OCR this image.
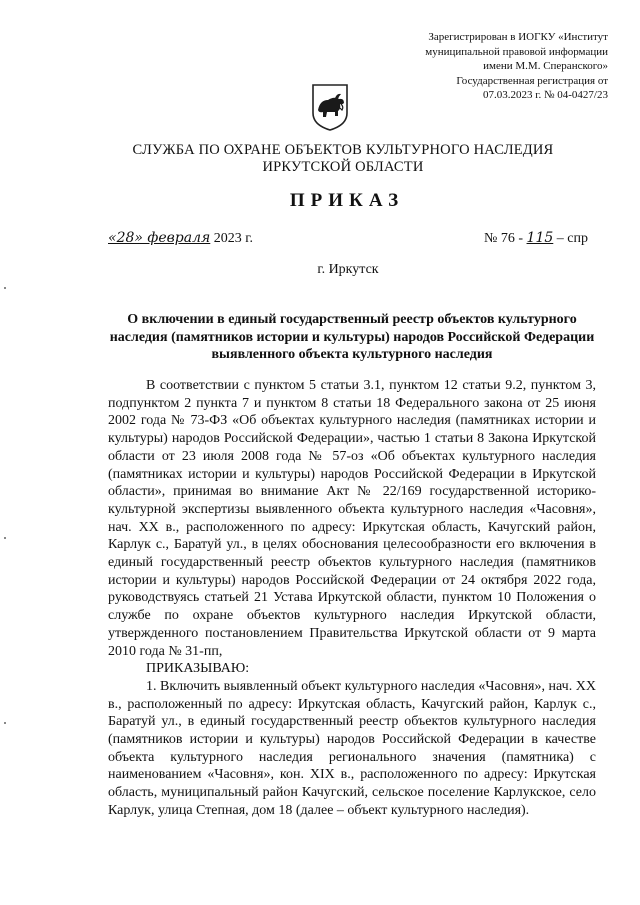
Зарегистрирован в ИОГКУ «Институт
муниципальной правовой информации
имени М.М. Сперанского»
Государственная регистрация от
07.03.2023 г. № 04-0427/23
СЛУЖБА ПО ОХРАНЕ ОБЪЕКТОВ КУЛЬТУРНОГО НАСЛЕДИЯ
ИРКУТСКОЙ ОБЛАСТИ
ПРИКАЗ
«28» февраля 2023 г.	№ 76 - 115 – спр
г. Иркутск
О включении в единый государственный реестр объектов культурного наследия (памятников истории и культуры) народов Российской Федерации выявленного объекта культурного наследия

В соответствии с пунктом 5 статьи 3.1, пунктом 12 статьи 9.2, пунктом 3, подпунктом 2 пункта 7 и пунктом 8 статьи 18 Федерального закона от 25 июня 2002 года № 73-ФЗ «Об объектах культурного наследия (памятниках истории и культуры) народов Российской Федерации», частью 1 статьи 8 Закона Иркутской области от 23 июля 2008 года № 57-оз «Об объектах культурного наследия (памятниках истории и культуры) народов Российской Федерации в Иркутской области», принимая во внимание Акт № 22/169 государственной историко-культурной экспертизы выявленного объекта культурного наследия «Часовня», нач. XX в., расположенного по адресу: Иркутская область, Качугский район, Карлук с., Баратуй ул., в целях обоснования целесообразности его включения в единый государственный реестр объектов культурного наследия (памятников истории и культуры) народов Российской Федерации от 24 октября 2022 года, руководствуясь статьей 21 Устава Иркутской области, пунктом 10 Положения о службе по охране объектов культурного наследия Иркутской области, утвержденного постановлением Правительства Иркутской области от 9 марта 2010 года № 31-пп,

ПРИКАЗЫВАЮ:

1. Включить выявленный объект культурного наследия «Часовня», нач. XX в., расположенный по адресу: Иркутская область, Качугский район, Карлук с., Баратуй ул., в единый государственный реестр объектов культурного наследия (памятников истории и культуры) народов Российской Федерации в качестве объекта культурного наследия регионального значения (памятника) с наименованием «Часовня», кон. XIX в., расположенного по адресу: Иркутская область, муниципальный район Качугский, сельское поселение Карлукское, село Карлук, улица Степная, дом 18 (далее – объект культурного наследия).
